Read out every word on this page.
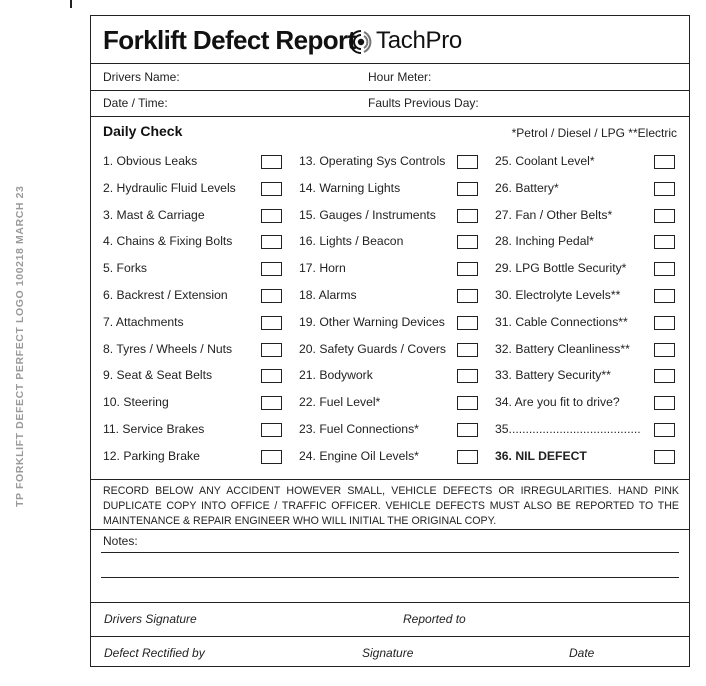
TP FORKLIFT DEFECT PERFECT LOGO 100218 MARCH 23
Forklift Defect Report TachPro
Drivers Name:	Hour Meter:
Date / Time:	Faults Previous Day:
Daily Check	*Petrol / Diesel / LPG **Electric
1. Obvious Leaks
2. Hydraulic Fluid Levels
3. Mast & Carriage
4. Chains & Fixing Bolts
5. Forks
6. Backrest / Extension
7. Attachments
8. Tyres / Wheels / Nuts
9. Seat & Seat Belts
10. Steering
11. Service Brakes
12. Parking Brake
13. Operating Sys Controls
14. Warning Lights
15. Gauges / Instruments
16. Lights / Beacon
17. Horn
18. Alarms
19. Other Warning Devices
20. Safety Guards / Covers
21. Bodywork
22. Fuel Level*
23. Fuel Connections*
24. Engine Oil Levels*
25. Coolant Level*
26. Battery*
27. Fan / Other Belts*
28. Inching Pedal*
29. LPG Bottle Security*
30. Electrolyte Levels**
31. Cable Connections**
32. Battery Cleanliness**
33. Battery Security**
34. Are you fit to drive?
35.......................................
36. NIL DEFECT
RECORD BELOW ANY ACCIDENT HOWEVER SMALL, VEHICLE DEFECTS OR IRREGULARITIES. HAND PINK DUPLICATE COPY INTO OFFICE / TRAFFIC OFFICER. VEHICLE DEFECTS MUST ALSO BE REPORTED TO THE MAINTENANCE & REPAIR ENGINEER WHO WILL INITIAL THE ORIGINAL COPY.
Notes:
Drivers Signature	Reported to
Defect Rectified by	Signature	Date
